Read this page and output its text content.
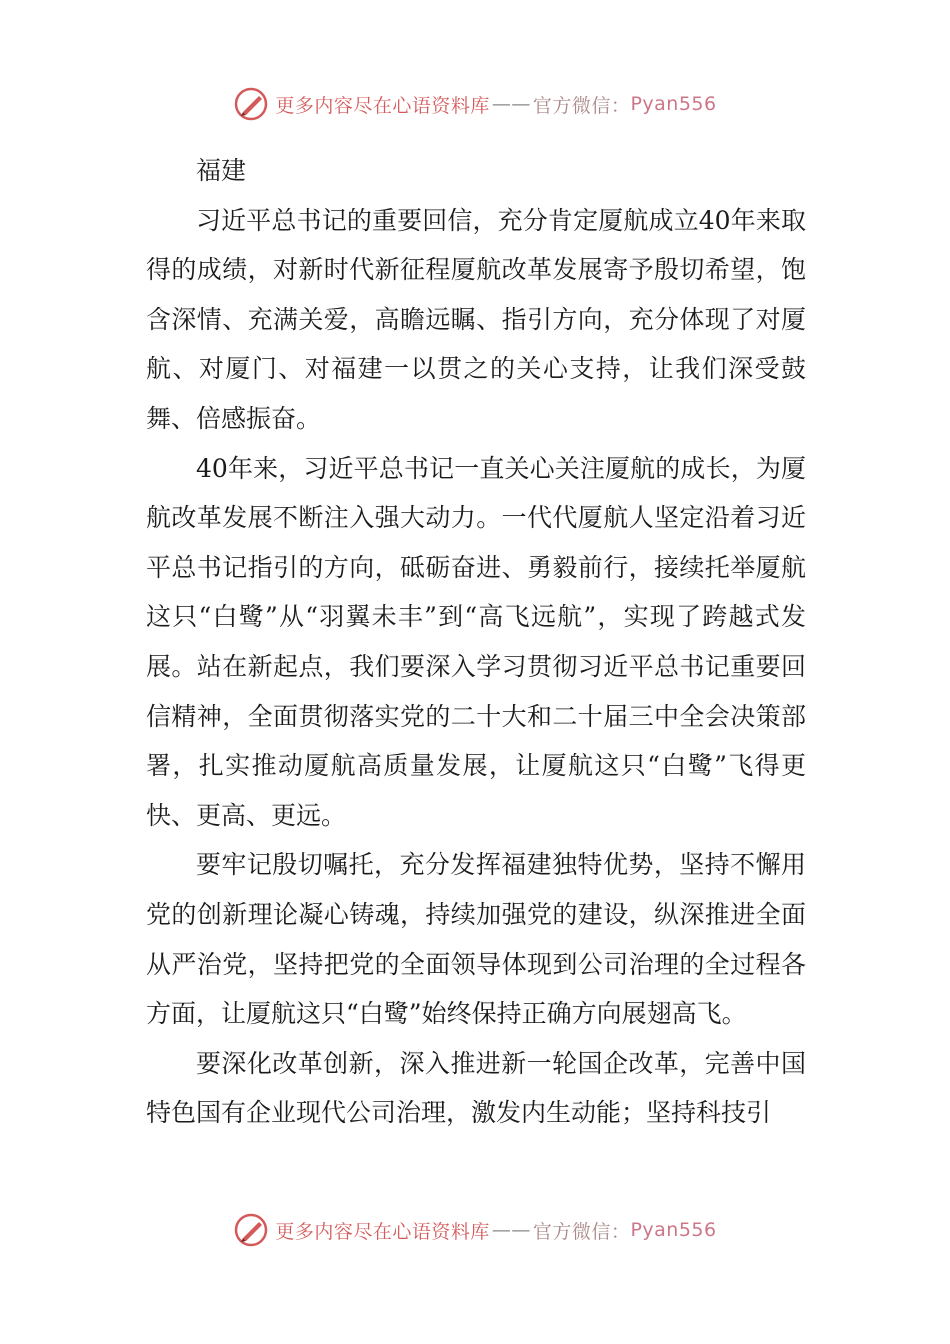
更多内容尽在心语资料库 —— 官方微信： Pyan556

福建

习近平总书记的重要回信，充分肯定厦航成立40年来取得的成绩，对新时代新征程厦航改革发展寄予殷切希望，饱含深情、充满关爱，高瞻远瞩、指引方向，充分体现了对厦航、对厦门、对福建一以贯之的关心支持，让我们深受鼓舞、倍感振奋。

40年来，习近平总书记一直关心关注厦航的成长，为厦航改革发展不断注入强大动力。一代代厦航人坚定沿着习近平总书记指引的方向，砥砺奋进、勇毅前行，接续托举厦航这只“白鹭”从“羽翼未丰”到“高飞远航”，实现了跨越式发展。站在新起点，我们要深入学习贯彻习近平总书记重要回信精神，全面贯彻落实党的二十大和二十届三中全会决策部署，扎实推动厦航高质量发展，让厦航这只“白鹭”飞得更快、更高、更远。

要牢记殷切嘱托，充分发挥福建独特优势，坚持不懈用党的创新理论凝心铸魂，持续加强党的建设，纵深推进全面从严治党，坚持把党的全面领导体现到公司治理的全过程各方面，让厦航这只“白鹭”始终保持正确方向展翅高飞。

要深化改革创新，深入推进新一轮国企改革，完善中国特色国有企业现代公司治理，激发内生动能；坚持科技引

更多内容尽在心语资料库 —— 官方微信： Pyan556
